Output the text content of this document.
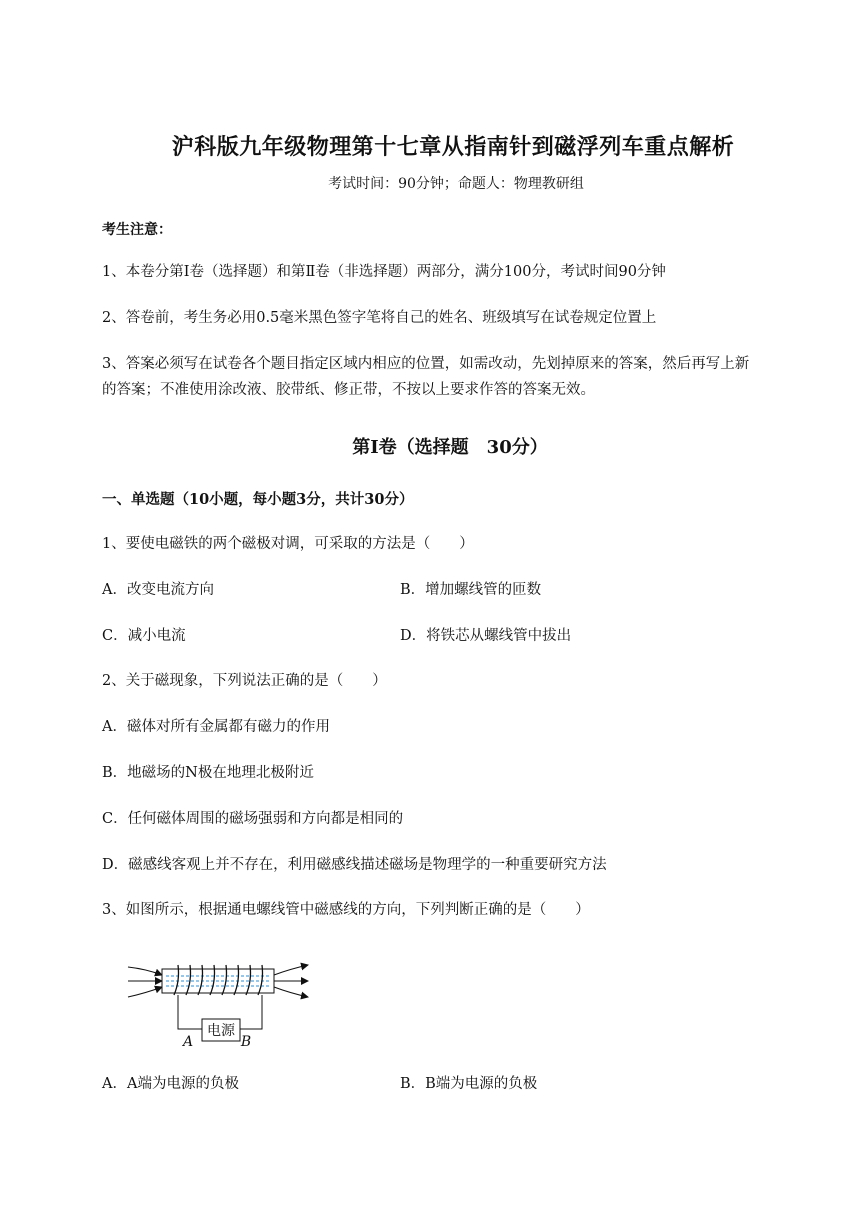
沪科版九年级物理第十七章从指南针到磁浮列车重点解析
考试时间：90分钟；命题人：物理教研组
考生注意：
1、本卷分第Ⅰ卷（选择题）和第Ⅱ卷（非选择题）两部分，满分100分，考试时间90分钟
2、答卷前，考生务必用0.5毫米黑色签字笔将自己的姓名、班级填写在试卷规定位置上
3、答案必须写在试卷各个题目指定区域内相应的位置，如需改动，先划掉原来的答案，然后再写上新
的答案；不准使用涂改液、胶带纸、修正带，不按以上要求作答的答案无效。
第Ⅰ卷（选择题　30分）
一、单选题（10小题，每小题3分，共计30分）
1、要使电磁铁的两个磁极对调，可采取的方法是（　　）
A．改变电流方向	B．增加螺线管的匝数
C．减小电流	D．将铁芯从螺线管中拔出
2、关于磁现象，下列说法正确的是（　　）
A．磁体对所有金属都有磁力的作用
B．地磁场的N极在地理北极附近
C．任何磁体周围的磁场强弱和方向都是相同的
D．磁感线客观上并不存在，利用磁感线描述磁场是物理学的一种重要研究方法
3、如图所示，根据通电螺线管中磁感线的方向，下列判断正确的是（　　）
电源
A	B
A．A端为电源的负极	B．B端为电源的负极
